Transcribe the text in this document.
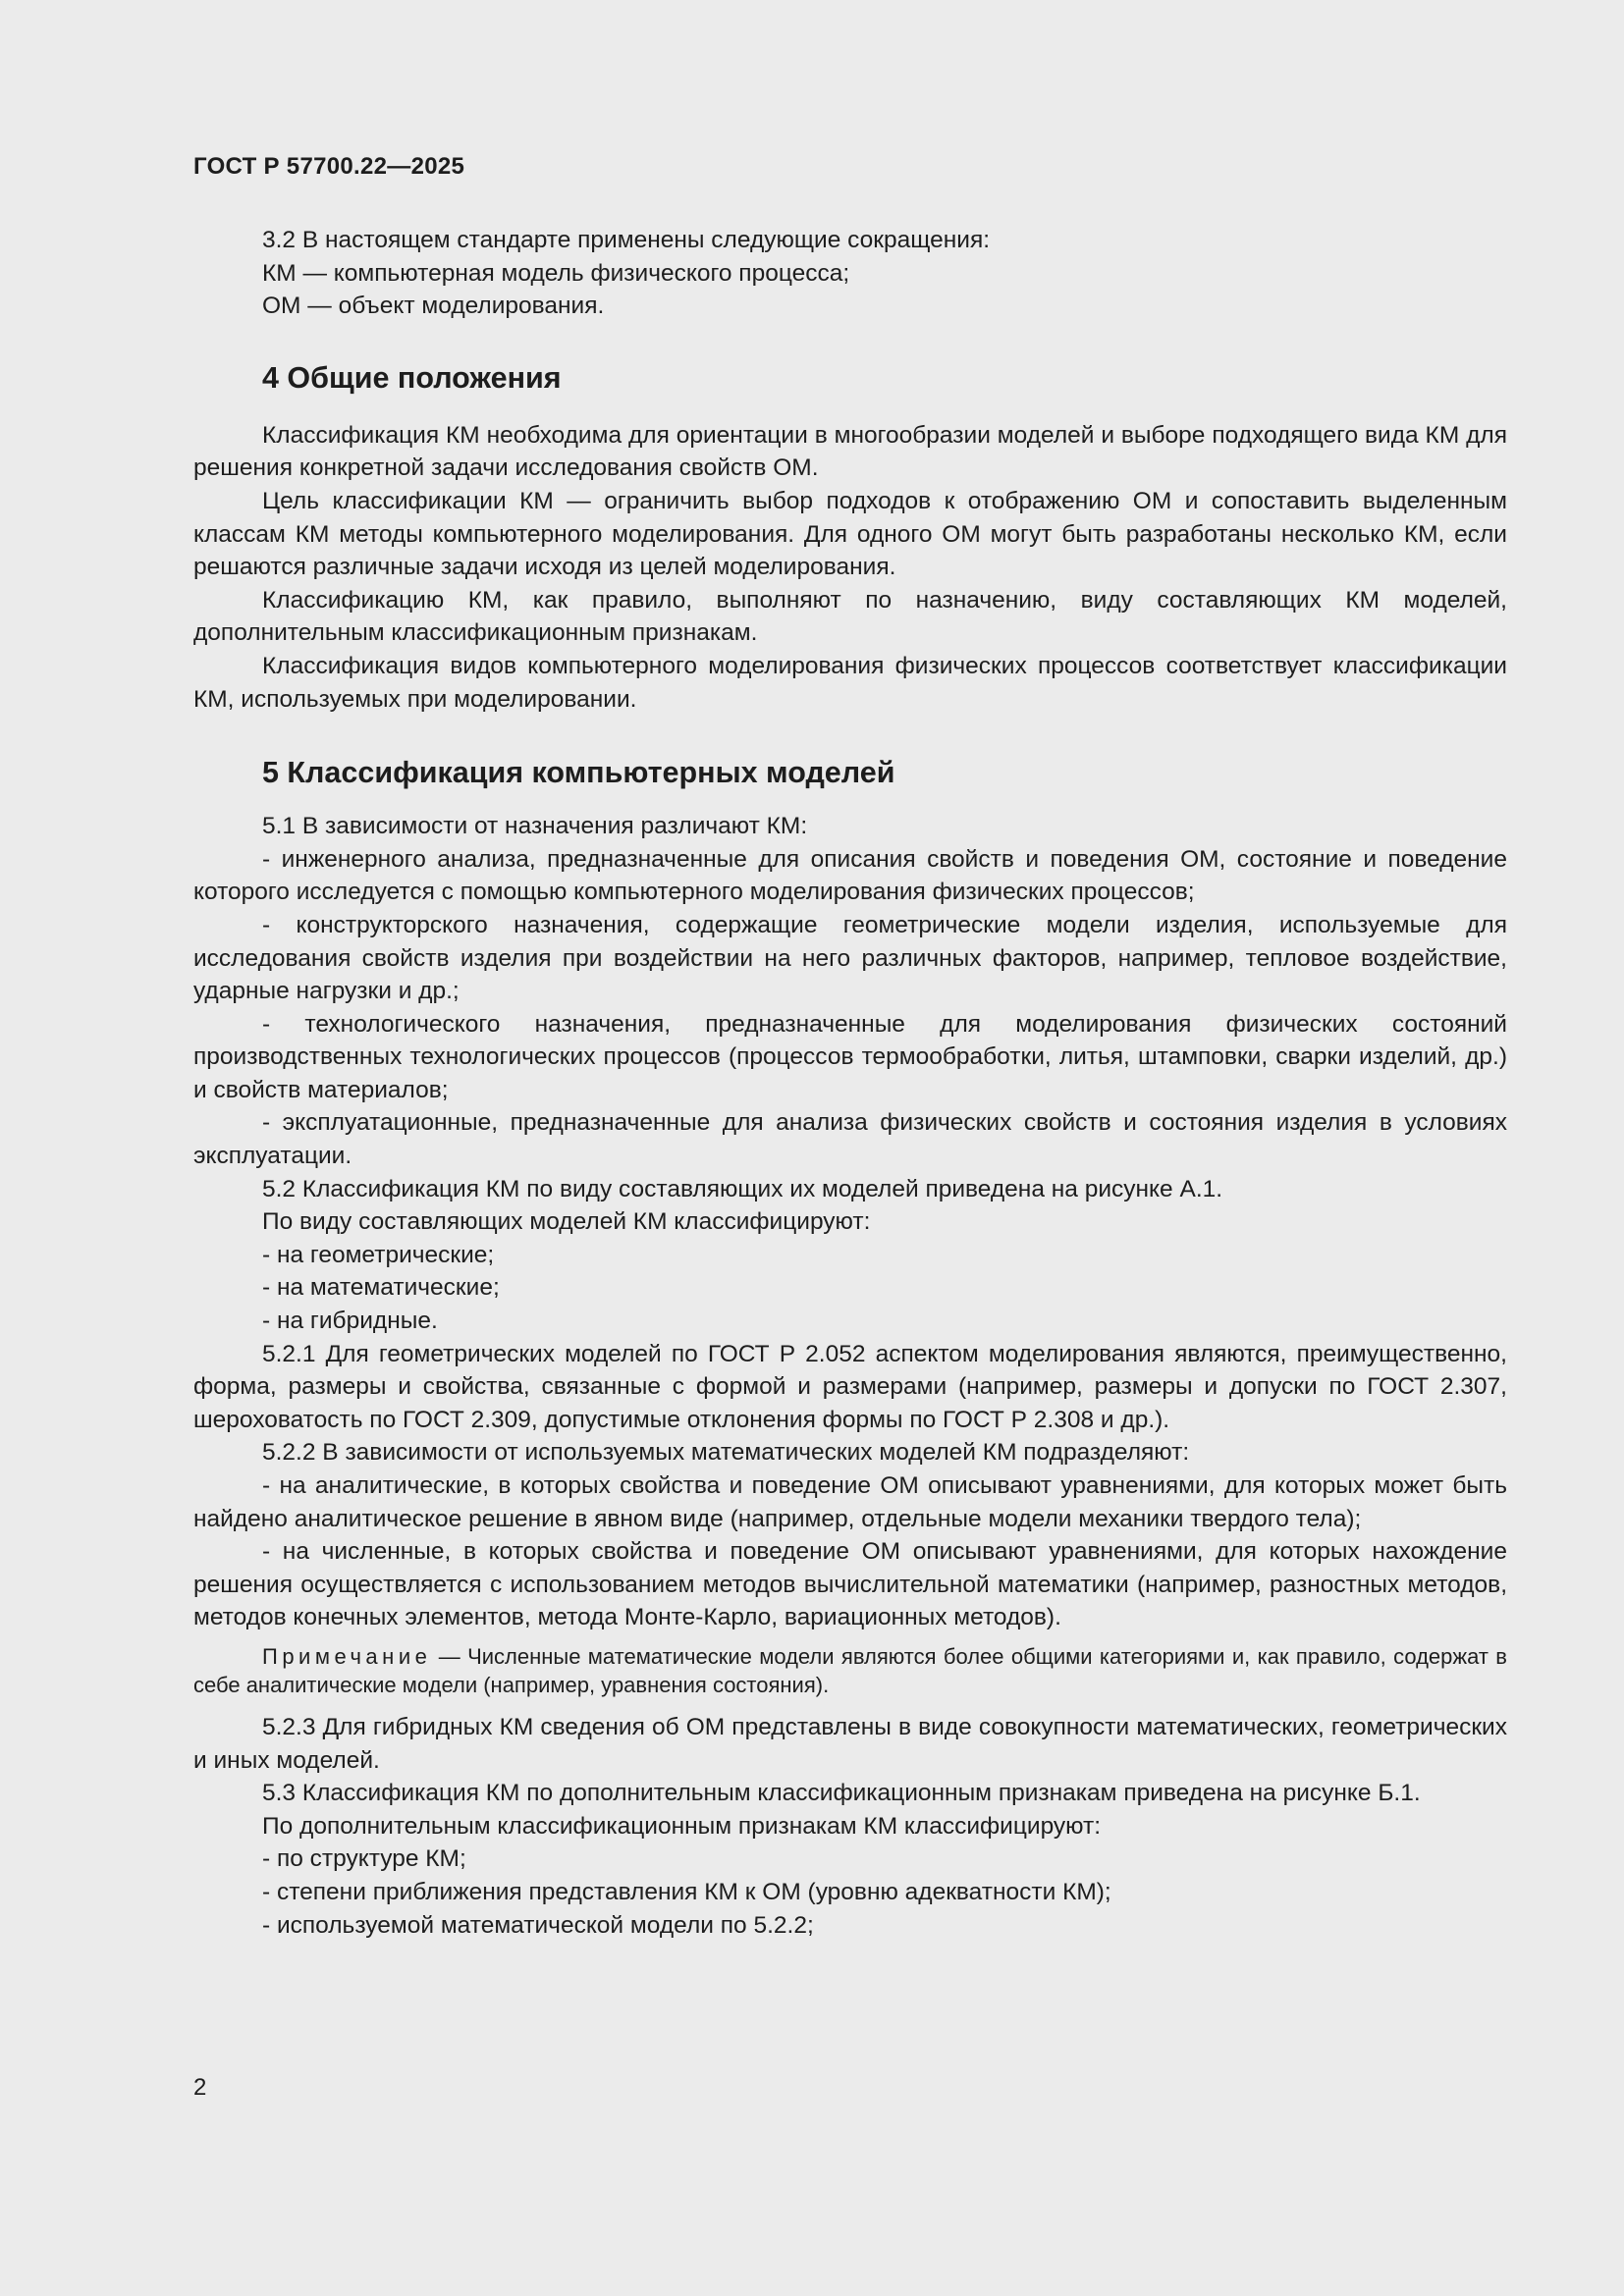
ГОСТ Р 57700.22—2025

3.2 В настоящем стандарте применены следующие сокращения:

КМ — компьютерная модель физического процесса;

ОМ — объект моделирования.

4 Общие положения

Классификация КМ необходима для ориентации в многообразии моделей и выборе подходящего вида КМ для решения конкретной задачи исследования свойств ОМ.

Цель классификации КМ — ограничить выбор подходов к отображению ОМ и сопоставить выделенным классам КМ методы компьютерного моделирования. Для одного ОМ могут быть разработаны несколько КМ, если решаются различные задачи исходя из целей моделирования.

Классификацию КМ, как правило, выполняют по назначению, виду составляющих КМ моделей, дополнительным классификационным признакам.

Классификация видов компьютерного моделирования физических процессов соответствует классификации КМ, используемых при моделировании.

5 Классификация компьютерных моделей

5.1 В зависимости от назначения различают КМ:

- инженерного анализа, предназначенные для описания свойств и поведения ОМ, состояние и поведение которого исследуется с помощью компьютерного моделирования физических процессов;

- конструкторского назначения, содержащие геометрические модели изделия, используемые для исследования свойств изделия при воздействии на него различных факторов, например, тепловое воздействие, ударные нагрузки и др.;

- технологического назначения, предназначенные для моделирования физических состояний производственных технологических процессов (процессов термообработки, литья, штамповки, сварки изделий, др.) и свойств материалов;

- эксплуатационные, предназначенные для анализа физических свойств и состояния изделия в условиях эксплуатации.

5.2 Классификация КМ по виду составляющих их моделей приведена на рисунке А.1.

По виду составляющих моделей КМ классифицируют:

- на геометрические;

- на математические;

- на гибридные.

5.2.1 Для геометрических моделей по ГОСТ Р 2.052 аспектом моделирования являются, преимущественно, форма, размеры и свойства, связанные с формой и размерами (например, размеры и допуски по ГОСТ 2.307, шероховатость по ГОСТ 2.309, допустимые отклонения формы по ГОСТ Р 2.308 и др.).

5.2.2 В зависимости от используемых математических моделей КМ подразделяют:

- на аналитические, в которых свойства и поведение ОМ описывают уравнениями, для которых может быть найдено аналитическое решение в явном виде (например, отдельные модели механики твердого тела);

- на численные, в которых свойства и поведение ОМ описывают уравнениями, для которых нахождение решения осуществляется с использованием методов вычислительной математики (например, разностных методов, методов конечных элементов, метода Монте-Карло, вариационных методов).

Примечание — Численные математические модели являются более общими категориями и, как правило, содержат в себе аналитические модели (например, уравнения состояния).

5.2.3 Для гибридных КМ сведения об ОМ представлены в виде совокупности математических, геометрических и иных моделей.

5.3 Классификация КМ по дополнительным классификационным признакам приведена на рисунке Б.1.

По дополнительным классификационным признакам КМ классифицируют:

- по структуре КМ;

- степени приближения представления КМ к ОМ (уровню адекватности КМ);

- используемой математической модели по 5.2.2;

2
